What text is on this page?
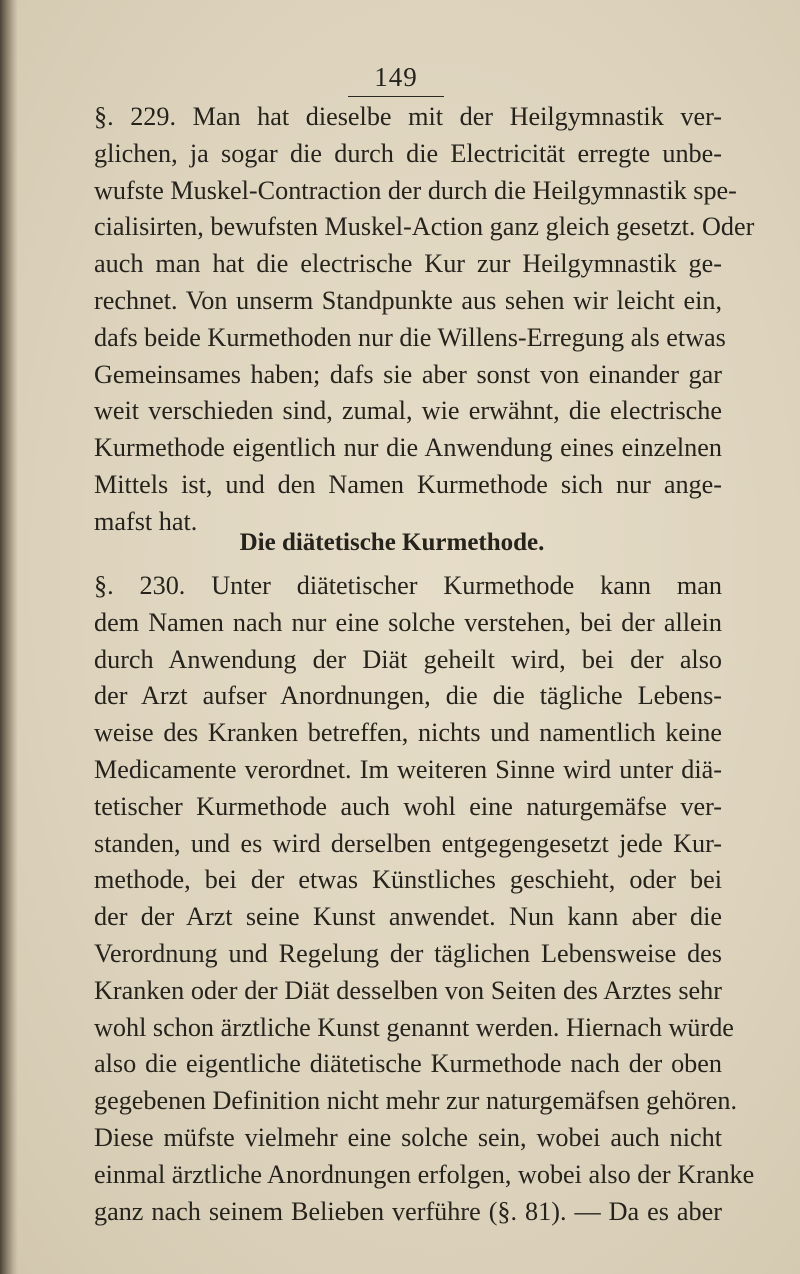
149
§. 229. Man hat dieselbe mit der Heilgymnastik ver-
glichen, ja sogar die durch die Electricität erregte unbe-
wufste Muskel-Contraction der durch die Heilgymnastik spe-
cialisirten, bewufsten Muskel-Action ganz gleich gesetzt. Oder
auch man hat die electrische Kur zur Heilgymnastik ge-
rechnet. Von unserm Standpunkte aus sehen wir leicht ein,
dafs beide Kurmethoden nur die Willens-Erregung als etwas
Gemeinsames haben; dafs sie aber sonst von einander gar
weit verschieden sind, zumal, wie erwähnt, die electrische
Kurmethode eigentlich nur die Anwendung eines einzelnen
Mittels ist, und den Namen Kurmethode sich nur ange-
mafst hat.
Die diätetische Kurmethode.
§. 230. Unter diätetischer Kurmethode kann man
dem Namen nach nur eine solche verstehen, bei der allein
durch Anwendung der Diät geheilt wird, bei der also
der Arzt aufser Anordnungen, die die tägliche Lebens-
weise des Kranken betreffen, nichts und namentlich keine
Medicamente verordnet. Im weiteren Sinne wird unter diä-
tetischer Kurmethode auch wohl eine naturgemäfse ver-
standen, und es wird derselben entgegengesetzt jede Kur-
methode, bei der etwas Künstliches geschieht, oder bei
der der Arzt seine Kunst anwendet. Nun kann aber die
Verordnung und Regelung der täglichen Lebensweise des
Kranken oder der Diät desselben von Seiten des Arztes sehr
wohl schon ärztliche Kunst genannt werden. Hiernach würde
also die eigentliche diätetische Kurmethode nach der oben
gegebenen Definition nicht mehr zur naturgemäfsen gehören.
Diese müfste vielmehr eine solche sein, wobei auch nicht
einmal ärztliche Anordnungen erfolgen, wobei also der Kranke
ganz nach seinem Belieben verführe (§. 81). — Da es aber
